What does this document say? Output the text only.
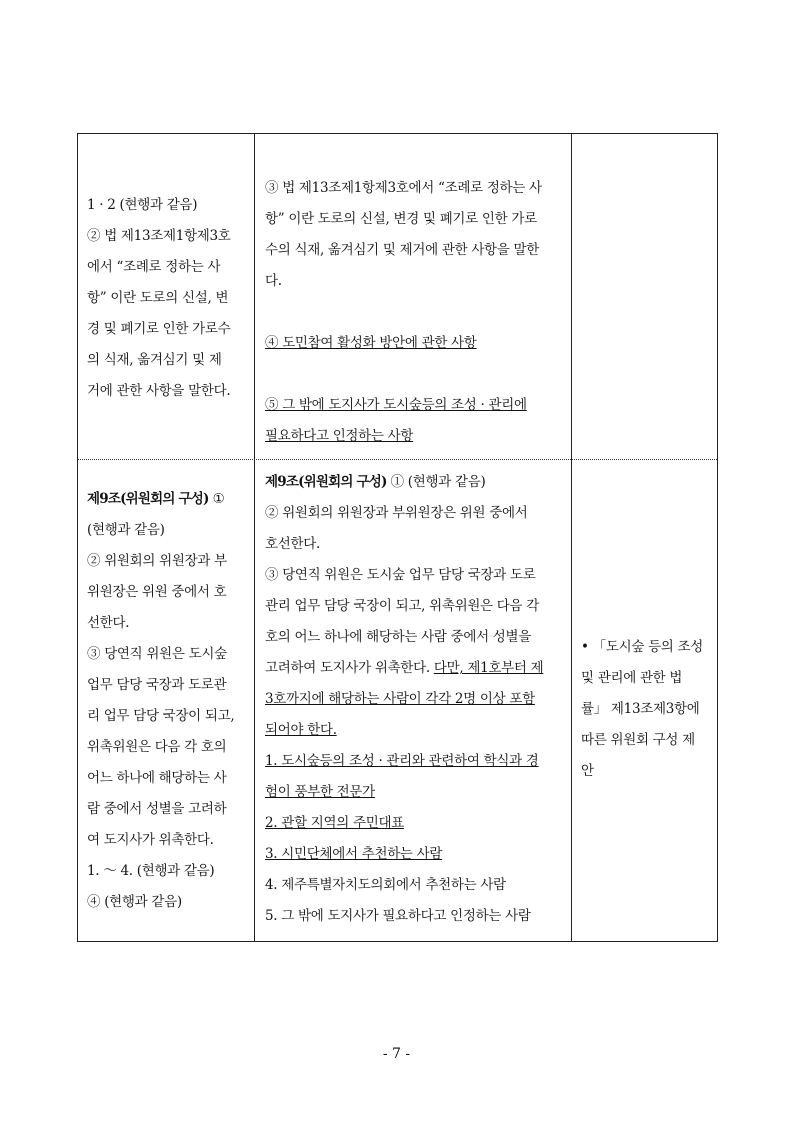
1 · 2 (현행과 같음)

② 법 제13조제1항제3호

에서 “조례로 정하는 사

항” 이란 도로의 신설, 변

경 및 폐기로 인한 가로수

의 식재, 옮겨심기 및 제

거에 관한 사항을 말한다.

③ 법 제13조제1항제3호에서 “조례로 정하는 사

항” 이란 도로의 신설, 변경 및 폐기로 인한 가로

수의 식재, 옮겨심기 및 제거에 관한 사항을 말한

다.

④ 도민참여 활성화 방안에 관한 사항

⑤ 그 밖에 도지사가 도시숲등의 조성 · 관리에

필요하다고 인정하는 사항

제9조(위원회의 구성) ①

(현행과 같음)

② 위원회의 위원장과 부

위원장은 위원 중에서 호

선한다.

③ 당연직 위원은 도시숲

업무 담당 국장과 도로관

리 업무 담당 국장이 되고,

위촉위원은 다음 각 호의

어느 하나에 해당하는 사

람 중에서 성별을 고려하

여 도지사가 위촉한다.

1. ～ 4. (현행과 같음)

④ (현행과 같음)

제9조(위원회의 구성) ① (현행과 같음)

② 위원회의 위원장과 부위원장은 위원 중에서

호선한다.

③ 당연직 위원은 도시숲 업무 담당 국장과 도로

관리 업무 담당 국장이 되고, 위촉위원은 다음 각

호의 어느 하나에 해당하는 사람 중에서 성별을

고려하여 도지사가 위촉한다. 다만, 제1호부터 제

3호까지에 해당하는 사람이 각각 2명 이상 포함

되어야 한다.

1. 도시숲등의 조성 · 관리와 관련하여 학식과 경

험이 풍부한 전문가

2. 관할 지역의 주민대표

3. 시민단체에서 추천하는 사람

4. 제주특별자치도의회에서 추천하는 사람

5. 그 밖에 도지사가 필요하다고 인정하는 사람

• 「도시숲 등의 조성

및 관리에 관한 법

률」 제13조제3항에

따른 위원회 구성 제

안

- 7 -
